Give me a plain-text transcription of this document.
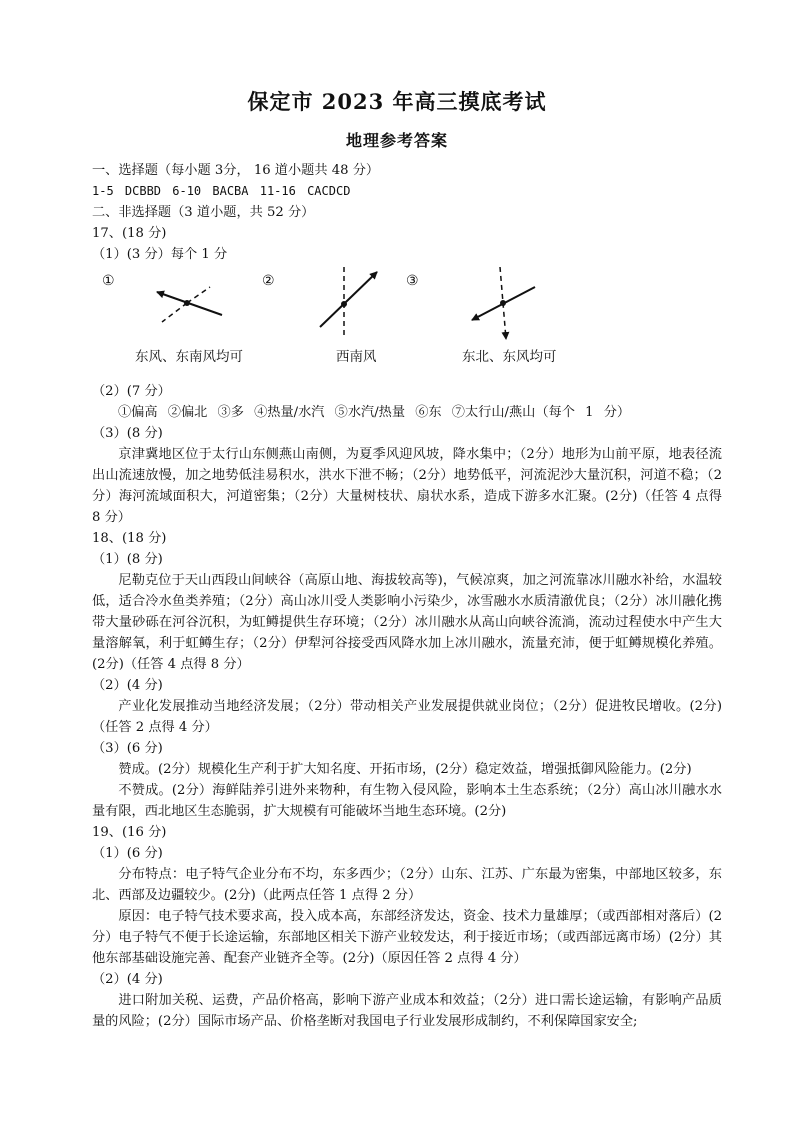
保定市 2023 年高三摸底考试
地理参考答案
一、选择题（每小题 3分， 16 道小题共 48 分）
1-5 DCBBD 6-10 BACBA 11-16 CACDCD
二、非选择题（3 道小题，共 52 分）
17、(18 分)
（1）(3 分）每个 1 分
①	②	③
东风、东南风均可	西南风	东北、东风均可
（2）(7 分）
①偏高 ②偏北 ③多 ④热量/水汽 ⑤水汽/热量 ⑥东 ⑦太行山/燕山（每个 1 分）
（3）(8 分)
京津冀地区位于太行山东侧燕山南侧，为夏季风迎风坡，降水集中；（2分）地形为山前平原，地表径流出山流速放慢，加之地势低洼易积水，洪水下泄不畅；（2分）地势低平，河流泥沙大量沉积，河道不稳；（2分）海河流域面积大，河道密集；（2分）大量树枝状、扇状水系，造成下游多水汇聚。(2分)（任答 4 点得 8 分）
18、(18 分)
（1）(8 分)
尼勒克位于天山西段山间峡谷（高原山地、海拔较高等)，气候凉爽，加之河流靠冰川融水补给，水温较低，适合冷水鱼类养殖；（2分）高山冰川受人类影响小污染少，冰雪融水水质清澈优良；（2分）冰川融化携带大量砂砾在河谷沉积，为虹鳟提供生存环境；（2分）冰川融水从高山向峡谷流淌，流动过程使水中产生大量溶解氧，利于虹鳟生存；（2分）伊犁河谷接受西风降水加上冰川融水，流量充沛，便于虹鳟规模化养殖。(2分)（任答 4 点得 8 分）
（2）(4 分)
产业化发展推动当地经济发展；（2分）带动相关产业发展提供就业岗位；（2分）促进牧民增收。(2分)（任答 2 点得 4 分）
（3）(6 分)
赞成。(2分）规模化生产利于扩大知名度、开拓市场，(2分）稳定效益，增强抵御风险能力。(2分)
不赞成。(2分）海鲜陆养引进外来物种，有生物入侵风险，影响本土生态系统；（2分）高山冰川融水水量有限，西北地区生态脆弱，扩大规模有可能破坏当地生态环境。(2分)
19、(16 分)
（1）(6 分)
分布特点：电子特气企业分布不均，东多西少；（2分）山东、江苏、广东最为密集，中部地区较多，东北、西部及边疆较少。(2分)（此两点任答 1 点得 2 分）
原因：电子特气技术要求高，投入成本高，东部经济发达，资金、技术力量雄厚；（或西部相对落后）(2分）电子特气不便于长途运输，东部地区相关下游产业较发达，利于接近市场；（或西部远离市场）(2分）其他东部基础设施完善、配套产业链齐全等。(2分)（原因任答 2 点得 4 分）
（2）(4 分)
进口附加关税、运费，产品价格高，影响下游产业成本和效益；（2分）进口需长途运输，有影响产品质量的风险；(2分）国际市场产品、价格垄断对我国电子行业发展形成制约，不利保障国家安全;
